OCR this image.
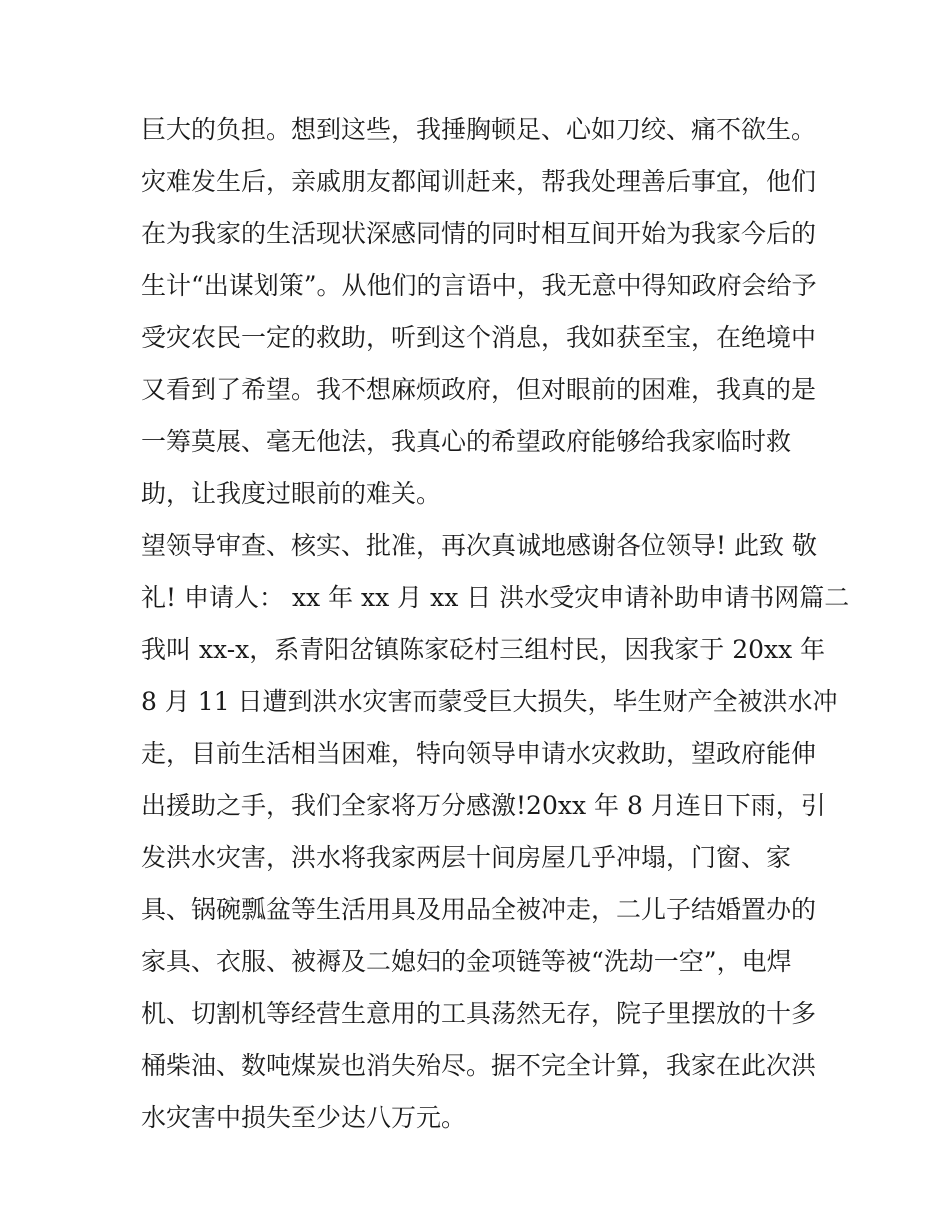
巨大的负担。想到这些，我捶胸顿足、心如刀绞、痛不欲生。
灾难发生后，亲戚朋友都闻训赶来，帮我处理善后事宜，他们
在为我家的生活现状深感同情的同时相互间开始为我家今后的
生计“出谋划策”。从他们的言语中，我无意中得知政府会给予
受灾农民一定的救助，听到这个消息，我如获至宝，在绝境中
又看到了希望。我不想麻烦政府，但对眼前的困难，我真的是
一筹莫展、毫无他法，我真心的希望政府能够给我家临时救
助，让我度过眼前的难关。
望领导审查、核实、批准，再次真诚地感谢各位领导! 此致 敬
礼! 申请人： xx 年 xx 月 xx 日 洪水受灾申请补助申请书网篇二
我叫 xx-x，系青阳岔镇陈家砭村三组村民，因我家于 20xx 年
8 月 11 日遭到洪水灾害而蒙受巨大损失，毕生财产全被洪水冲
走，目前生活相当困难，特向领导申请水灾救助，望政府能伸
出援助之手，我们全家将万分感激!20xx 年 8 月连日下雨，引
发洪水灾害，洪水将我家两层十间房屋几乎冲塌，门窗、家
具、锅碗瓢盆等生活用具及用品全被冲走，二儿子结婚置办的
家具、衣服、被褥及二媳妇的金项链等被“洗劫一空”，电焊
机、切割机等经营生意用的工具荡然无存，院子里摆放的十多
桶柴油、数吨煤炭也消失殆尽。据不完全计算，我家在此次洪
水灾害中损失至少达八万元。
